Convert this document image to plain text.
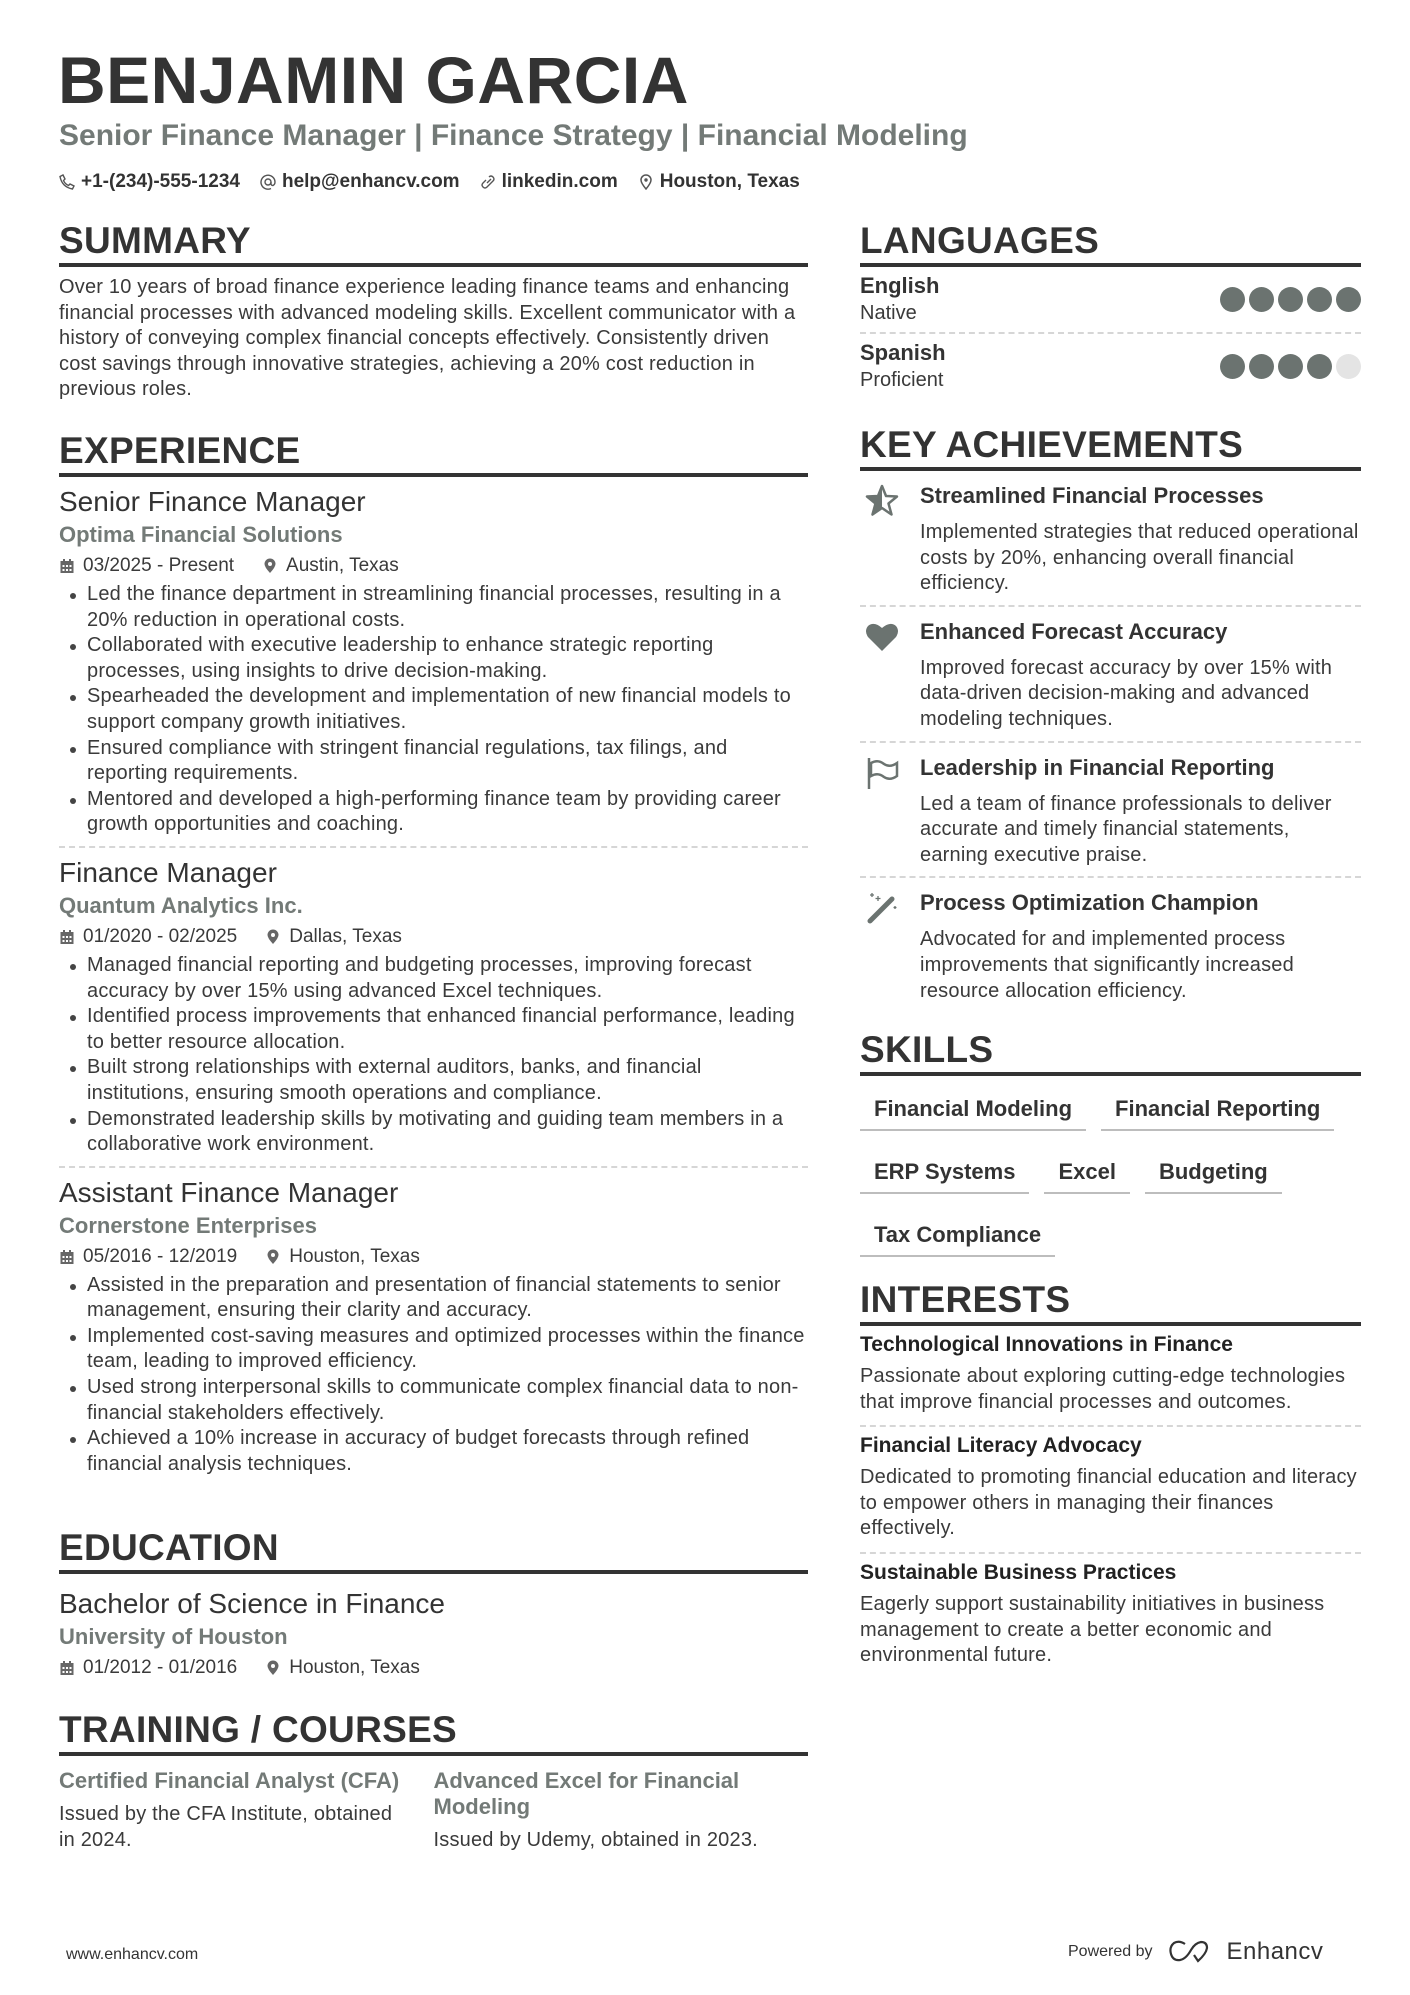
BENJAMIN GARCIA
Senior Finance Manager | Finance Strategy | Financial Modeling
+1-(234)-555-1234 help@enhancv.com linkedin.com Houston, Texas
SUMMARY

Over 10 years of broad finance experience leading finance teams and enhancing financial processes with advanced modeling skills. Excellent communicator with a history of conveying complex financial concepts effectively. Consistently driven cost savings through innovative strategies, achieving a 20% cost reduction in previous roles.

EXPERIENCE
Senior Finance Manager
Optima Financial Solutions
03/2025 - Present	Austin, Texas
Led the finance department in streamlining financial processes, resulting in a 20% reduction in operational costs.
Collaborated with executive leadership to enhance strategic reporting processes, using insights to drive decision-making.
Spearheaded the development and implementation of new financial models to support company growth initiatives.
Ensured compliance with stringent financial regulations, tax filings, and reporting requirements.
Mentored and developed a high-performing finance team by providing career growth opportunities and coaching.
Finance Manager
Quantum Analytics Inc.
01/2020 - 02/2025	Dallas, Texas
Managed financial reporting and budgeting processes, improving forecast accuracy by over 15% using advanced Excel techniques.
Identified process improvements that enhanced financial performance, leading to better resource allocation.
Built strong relationships with external auditors, banks, and financial institutions, ensuring smooth operations and compliance.
Demonstrated leadership skills by motivating and guiding team members in a collaborative work environment.
Assistant Finance Manager
Cornerstone Enterprises
05/2016 - 12/2019	Houston, Texas
Assisted in the preparation and presentation of financial statements to senior management, ensuring their clarity and accuracy.
Implemented cost-saving measures and optimized processes within the finance team, leading to improved efficiency.
Used strong interpersonal skills to communicate complex financial data to non-financial stakeholders effectively.
Achieved a 10% increase in accuracy of budget forecasts through refined financial analysis techniques.
EDUCATION
Bachelor of Science in Finance
University of Houston
01/2012 - 01/2016	Houston, Texas
TRAINING / COURSES
Certified Financial Analyst (CFA)
Issued by the CFA Institute, obtained in 2024.
Advanced Excel for Financial Modeling
Issued by Udemy, obtained in 2023.
LANGUAGES
English
Native
Spanish
Proficient
KEY ACHIEVEMENTS
Streamlined Financial Processes
Implemented strategies that reduced operational costs by 20%, enhancing overall financial efficiency.
Enhanced Forecast Accuracy
Improved forecast accuracy by over 15% with data-driven decision-making and advanced modeling techniques.
Leadership in Financial Reporting
Led a team of finance professionals to deliver accurate and timely financial statements, earning executive praise.
Process Optimization Champion
Advocated for and implemented process improvements that significantly increased resource allocation efficiency.
SKILLS
Financial Modeling	Financial Reporting
ERP Systems	Excel	Budgeting
Tax Compliance
INTERESTS
Technological Innovations in Finance
Passionate about exploring cutting-edge technologies that improve financial processes and outcomes.
Financial Literacy Advocacy
Dedicated to promoting financial education and literacy to empower others in managing their finances effectively.
Sustainable Business Practices
Eagerly support sustainability initiatives in business management to create a better economic and environmental future.
www.enhancv.com	Powered by	Enhancv
